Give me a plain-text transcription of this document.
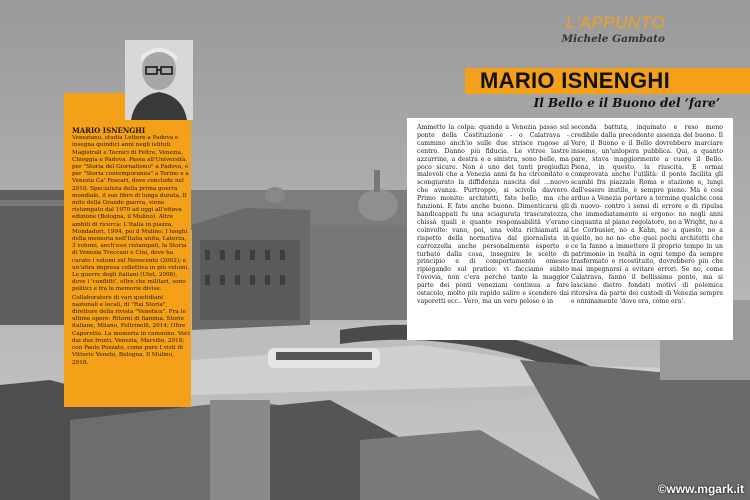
L'APPUNTO
Michele Gambato
MARIO ISNENGHI
Il Bello e il Buono del ‘fare’
MARIO ISNENGHI

Veneziano, studia Lettere a Padova e insegna quindici anni negli istituti Magistrali e Tecnici di Feltre, Venezia, Chioggia e Padova. Passa all'Università, per "Storia del Giornalismo" a Padova, e per "Storia contemporanea" a Torino e a Venezia Ca' Foscari, dove conclude nel 2010. Specialista della prima guerra mondiale, il suo libro di lunga durata, Il mito della Grande guerra, viene ristampato dal 1970 ad oggi all'ottava edizione (Bologna, il Mulino). Altre ambiti di ricerca: L'Italia in piazza, Mondadori, 1994, poi il Mulino; I luoghi della memoria nell'Italia unita, Laterza, 3 volumi, anch'essi ristampati, la Storia di Venezia Treccani e Cini, dove ha curato i volumi sul Novecento (2002); e un'altra impresa collettiva in più volumi, Le guerre degli italiani (Utet, 2008), dove i 'conflitti', oltre che militari, sono politici e fra le memorie divise.

Collaboratore di vari quotidiani nazionali e locali, di "Rai Storia", direttore della rivista "Venetica". Fra le ultime opere: Ritorni di fiamma. Storie italiane, Milano, Feltrinelli, 2014; Oltre Caporetto. La memoria in cammino. Voci dai due fronti, Venezia, Marsilio, 2018; con Paolo Pozzato, come pure I visti di Vittorio Veneto, Bologna, Il Mulino, 2018.

Ammetto la colpa: quando a Venezia passo sul ponte della Costituzione - o Calatrava - cammino anch'io sulle due strisce rugose al centro. Danno più fiducia. Le vitree lastre azzurrine, a destra e a sinistra, sono belle, ma poco sicure. Non è uno dei tanti pregiudizi malevoli che a Venezia anni fa ha circondato e scongiurato la diffidenza nascita del ...nuovo che avanza. Purtroppo, si scivola davvero. Primo monito: architetti, fate bello, ma che funzioni. E fate anche buono. Dimenticarsi gli handicappati fu una sciagurata trascuratezza, chissà quali e quante responsabilità v'erano coinvolte: vano, poi, una volta richiamati al rispetto della normativa dal giornalista in carrozzella anche personalmente esperto e turbato dalla cosa, inseguire le scelte di principio e di comportamento omesse ripiegando sul pratico: vi facciamo subito l'ovovia, non c'era perché tanto la maggior parte dei ponti veneziani continua a fare ostacolo, molto più rapido salire e scendere dai vaporetti ecc.. Vero, ma un vero peloso e in

seconda battuta, inquinato e reso meno credibile dalla precedente assenza del buono. Il Vero, il Buono e il Bello dovrebbero marciare insieme, un'unlopera pubblica. Qui, a quanto pare, stava maggiormente a cuore il Bello. Piena, in questo, la riuscita. E ormai comprovata anche l'utilità: il ponte facilita gli scambi fra piazzale Roma e stazione e, lungi dall'essere inutile, è sempre pieno. Ma è così arduo a Venezia portare a termine qualche cosa di nuovo- contro i sensi di errore e di ripulsa che immediatamente si ergono: no negli anni cinquanta al piano regolatore, no a Wright, no a Le Corbusier, no a Kahn, no a questo, no a quello, no no no- che quei pochi architetti che ce la fanno a immettere il proprio tempo in un patrimonio in realtà in ogni tempo da sempre trasformato e ricostituito, dovrebbero più che mai impegnarsi a evitare errori. Se no, come Calatrava, fanno il bellissimo ponte, ma si lasciano dietro fondati motivi di polemica ritorsiva da parte dei custodi di Venezia sempre e onninamente 'dove era, come era'.

©www.mgark.it
